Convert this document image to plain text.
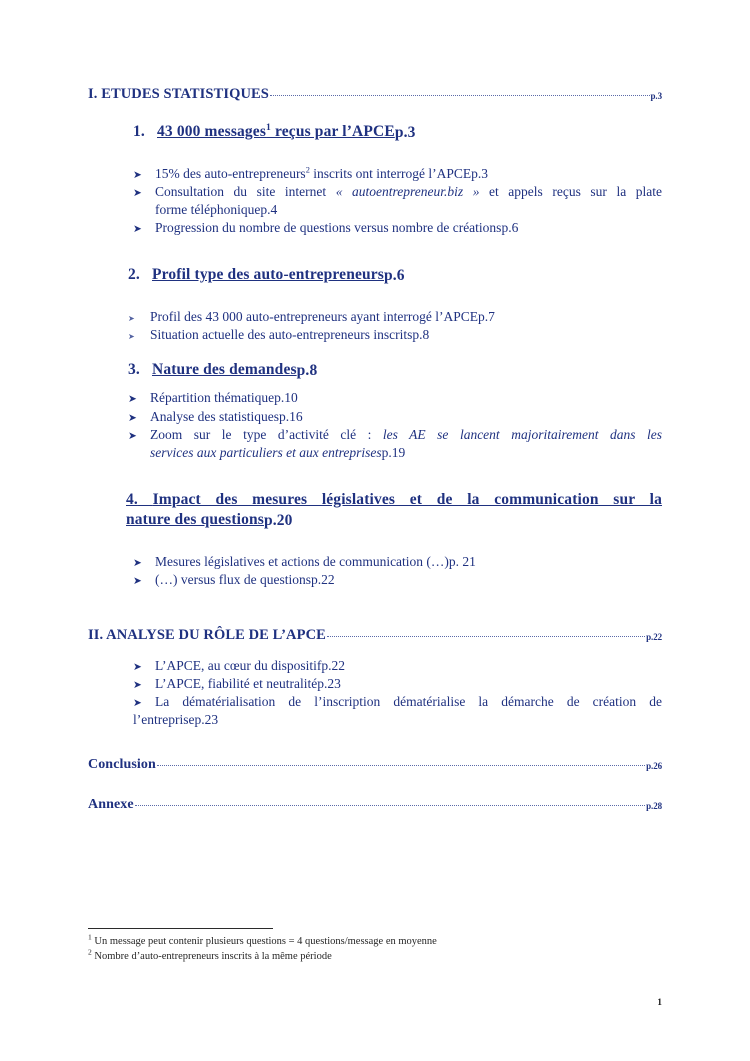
I. ETUDES STATISTIQUES	p.3
1. 43 000 messages$^1$ reçus par l’APCE p.3
➤ 15% des auto-entrepreneurs$^2$ inscrits ont interrogé l’APCE p.3
➤ Consultation du site internet « autoentrepreneur.biz » et appels reçus sur la plate
forme téléphonique p.4
➤ Progression du nombre de questions versus nombre de créations p.6
2. Profil type des auto-entrepreneurs p.6
➤	Profil des 43 000 auto-entrepreneurs ayant interrogé l’APCE p.7
➤	Situation actuelle des auto-entrepreneurs inscrits p.8
3. Nature des demandes p.8
➤ Répartition thématique p.10
➤ Analyse des statistiques p.16
➤ Zoom sur le type d’activité clé : les AE se lancent majoritairement dans les
services aux particuliers et aux entreprises p.19
4. Impact des mesures législatives et de la communication sur la
nature des questions p.20
➤ Mesures législatives et actions de communication (…) p. 21
➤ (…) versus flux de questions p.22
II. ANALYSE DU RÔLE DE L’APCE	p.22
➤ L’APCE, au cœur du dispositif p.22
➤ L’APCE, fiabilité et neutralité p.23
➤ La dématérialisation de l’inscription dématérialise la démarche de création de
l’entreprise p.23
Conclusion	p.26
Annexe	p.28
$^1$ Un message peut contenir plusieurs questions = 4 questions/message en moyenne
$^2$ Nombre d’auto-entrepreneurs inscrits à la même période
1
